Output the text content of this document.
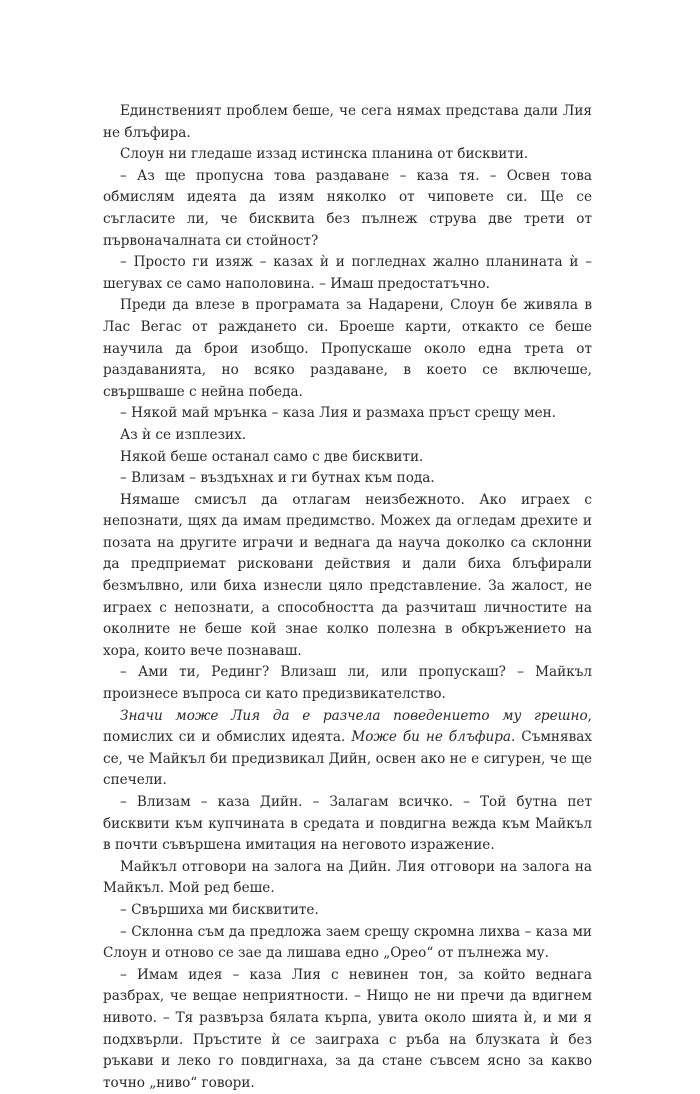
Единственият проблем беше, че сега нямах представа дали Лия не блъфира.

Слоун ни гледаше иззад истинска планина от бисквити.

– Аз ще пропусна това раздаване – каза тя. – Освен това обмислям идеята да изям няколко от чиповете си. Ще се съгласите ли, че бисквита без пълнеж струва две трети от първоначалната си стойност?

– Просто ги изяж – казах ѝ и погледнах жално планината ѝ – шегувах се само наполовина. – Имаш предостатъчно.

Преди да влезе в програмата за Надарени, Слоун бе живяла в Лас Вегас от раждането си. Броеше карти, откакто се беше научила да брои изобщо. Пропускаше около една трета от раздаванията, но всяко раздаване, в което се включеше, свършваше с нейна победа.

– Някой май мрънка – каза Лия и размаха пръст срещу мен.

Аз ѝ се изплезих.

Някой беше останал само с две бисквити.

– Влизам – въздъхнах и ги бутнах към пода.

Нямаше смисъл да отлагам неизбежното. Ако играех с непознати, щях да имам предимство. Можех да огледам дрехите и позата на другите играчи и веднага да науча доколко са склонни да предприемат рисковани действия и дали биха блъфирали безмълвно, или биха изнесли цяло представление. За жалост, не играех с непознати, а способността да разчиташ личностите на околните не беше кой знае колко полезна в обкръжението на хора, които вече познаваш.

– Ами ти, Рединг? Влизаш ли, или пропускаш? – Майкъл произнесе въпроса си като предизвикателство.

Значи може Лия да е разчела поведението му грешно, помислих си и обмислих идеята. Може би не блъфира. Съмнявах се, че Майкъл би предизвикал Дийн, освен ако не е сигурен, че ще спечели.

– Влизам – каза Дийн. – Залагам всичко. – Той бутна пет бисквити към купчината в средата и повдигна вежда към Майкъл в почти съвършена имитация на неговото изражение.

Майкъл отговори на залога на Дийн. Лия отговори на залога на Майкъл. Мой ред беше.

– Свършиха ми бисквитите.

– Склонна съм да предложа заем срещу скромна лихва – каза ми Слоун и отново се зае да лишава едно „Орео“ от пълнежа му.

– Имам идея – каза Лия с невинен тон, за който веднага разбрах, че вещае неприятности. – Нищо не ни пречи да вдигнем нивото. – Тя развърза бялата кърпа, увита около шията ѝ, и ми я подхвърли. Пръстите ѝ се заиграха с ръба на блузката ѝ без ръкави и леко го повдигнаха, за да стане съвсем ясно за какво точно „ниво“ говори.
